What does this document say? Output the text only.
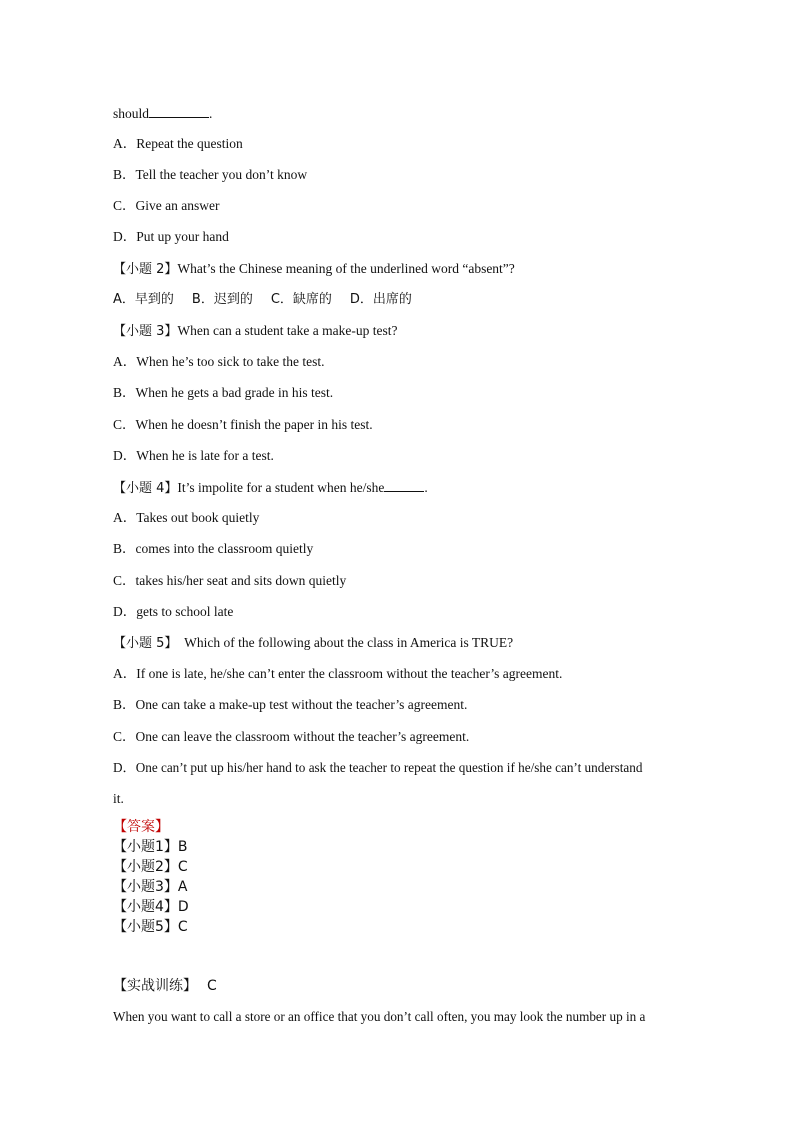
should	.
A．Repeat the question
B．Tell the teacher you don’t know
C．Give an answer
D．Put up your hand
【小题 2】What’s the Chinese meaning of the underlined word “absent”?
A．早到的 B．迟到的 C．缺席的 D．出席的
【小题 3】When can a student take a make-up test?
A．When he’s too sick to take the test.
B．When he gets a bad grade in his test.
C．When he doesn’t finish the paper in his test.
D．When he is late for a test.
【小题 4】It’s impolite for a student when he/she	.
A．Takes out book quietly
B．comes into the classroom quietly
C．takes his/her seat and sits down quietly
D．gets to school late
【小题 5】  Which of the following about the class in America is TRUE?
A．If one is late, he/she can’t enter the classroom without the teacher’s agreement.
B．One can take a make-up test without the teacher’s agreement.
C．One can leave the classroom without the teacher’s agreement.
D．One can’t put up his/her hand to ask the teacher to repeat the question if he/she can’t understand
it.
【答案】
【小题1】B
【小题2】C
【小题3】A
【小题4】D
【小题5】C
【实战训练】 C
When you want to call a store or an office that you don’t call often, you may look the number up in a
